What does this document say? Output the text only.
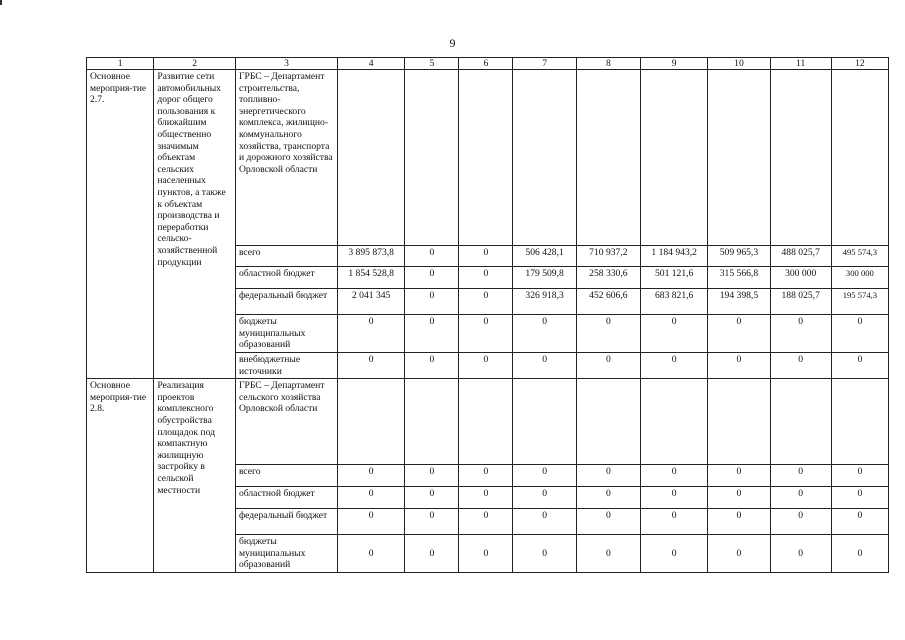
9
1	2	3	4	5	6	7	8	9	10	11	12
Основное мероприя-тие 2.7.	Развитие сети автомобильных дорог общего пользования к ближайшим общественно значимым объектам сельских населенных пунктов, а также к объектам производства и переработки сельско-хозяйственной продукции	ГРБС – Департамент строительства, топливно-энергетического комплекса, жилищно-коммунального хозяйства, транспорта и дорожного хозяйства Орловской области									
		всего	3 895 873,8	0	0	506 428,1	710 937,2	1 184 943,2	509 965,3	488 025,7	495 574,3
		областной бюджет	1 854 528,8	0	0	179 509,8	258 330,6	501 121,6	315 566,8	300 000	300 000
		федеральный бюджет	2 041 345	0	0	326 918,3	452 606,6	683 821,6	194 398,5	188 025,7	195 574,3
		бюджеты муниципальных образований	0	0	0	0	0	0	0	0	0
		внебюджетные источники	0	0	0	0	0	0	0	0	0
Основное мероприя-тие 2.8.	Реализация проектов комплексного обустройства площадок под компактную жилищную застройку в сельской местности	ГРБС – Департамент сельского хозяйства Орловской области									
		всего	0	0	0	0	0	0	0	0	0
		областной бюджет	0	0	0	0	0	0	0	0	0
		федеральный бюджет	0	0	0	0	0	0	0	0	0
		бюджеты муниципальных образований	0	0	0	0	0	0	0	0	0
